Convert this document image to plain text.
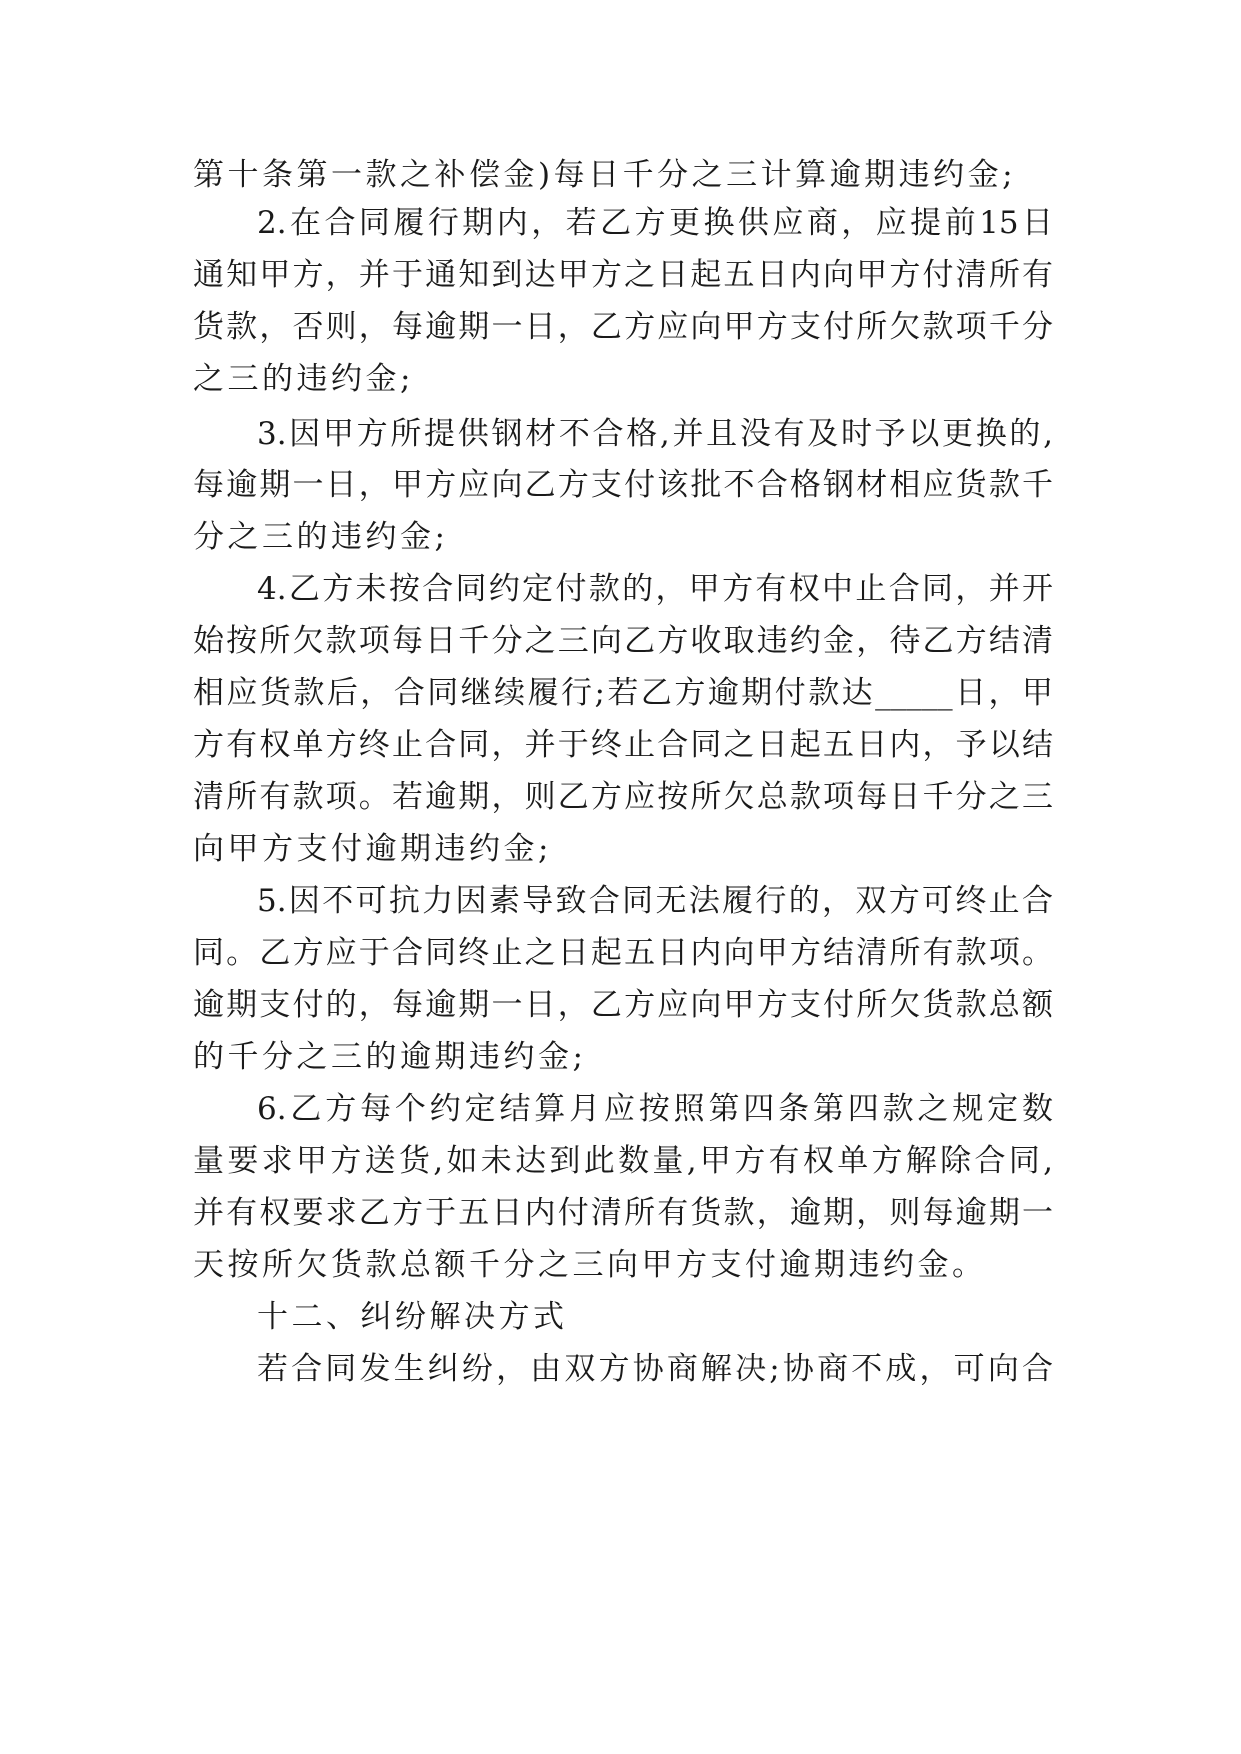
第十条第一款之补偿金)每日千分之三计算逾期违约金;
2.在合同履行期内，若乙方更换供应商，应提前15日
通知甲方，并于通知到达甲方之日起五日内向甲方付清所有
货款，否则，每逾期一日，乙方应向甲方支付所欠款项千分
之三的违约金;
3.因甲方所提供钢材不合格,并且没有及时予以更换的,
每逾期一日，甲方应向乙方支付该批不合格钢材相应货款千
分之三的违约金;
4.乙方未按合同约定付款的，甲方有权中止合同，并开
始按所欠款项每日千分之三向乙方收取违约金，待乙方结清
相应货款后，合同继续履行;若乙方逾期付款达_____日，甲
方有权单方终止合同，并于终止合同之日起五日内，予以结
清所有款项。若逾期，则乙方应按所欠总款项每日千分之三
向甲方支付逾期违约金;
5.因不可抗力因素导致合同无法履行的，双方可终止合
同。乙方应于合同终止之日起五日内向甲方结清所有款项。
逾期支付的，每逾期一日，乙方应向甲方支付所欠货款总额
的千分之三的逾期违约金;
6.乙方每个约定结算月应按照第四条第四款之规定数
量要求甲方送货,如未达到此数量,甲方有权单方解除合同,
并有权要求乙方于五日内付清所有货款，逾期，则每逾期一
天按所欠货款总额千分之三向甲方支付逾期违约金。
十二、纠纷解决方式
若合同发生纠纷，由双方协商解决;协商不成，可向合
